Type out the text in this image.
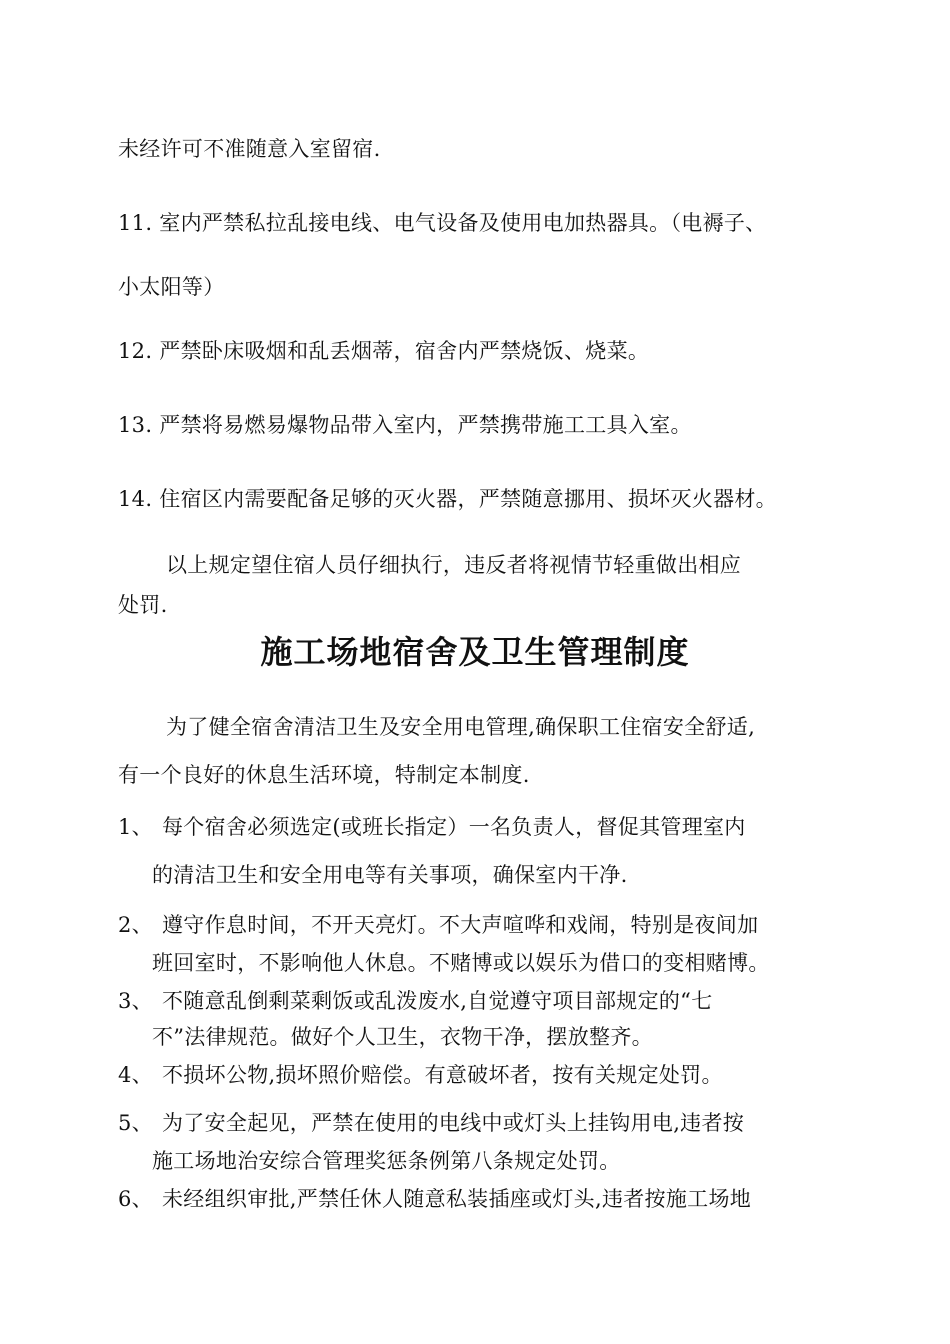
未经许可不准随意入室留宿.
11. 室内严禁私拉乱接电线、电气设备及使用电加热器具。（电褥子、
小太阳等）
12. 严禁卧床吸烟和乱丢烟蒂，宿舍内严禁烧饭、烧菜。
13. 严禁将易燃易爆物品带入室内，严禁携带施工工具入室。
14. 住宿区内需要配备足够的灭火器，严禁随意挪用、损坏灭火器材。
以上规定望住宿人员仔细执行，违反者将视情节轻重做出相应
处罚.
施工场地宿舍及卫生管理制度
为了健全宿舍清洁卫生及安全用电管理,确保职工住宿安全舒适,
有一个良好的休息生活环境，特制定本制度.
1、 每个宿舍必须选定(或班长指定）一名负责人，督促其管理室内
的清洁卫生和安全用电等有关事项，确保室内干净.
2、 遵守作息时间，不开天亮灯。不大声喧哗和戏闹，特别是夜间加
班回室时，不影响他人休息。不赌博或以娱乐为借口的变相赌博。
3、 不随意乱倒剩菜剩饭或乱泼废水,自觉遵守项目部规定的“七
不”法律规范。做好个人卫生，衣物干净，摆放整齐。
4、 不损坏公物,损坏照价赔偿。有意破坏者，按有关规定处罚。
5、 为了安全起见，严禁在使用的电线中或灯头上挂钩用电,违者按
施工场地治安综合管理奖惩条例第八条规定处罚。
6、 未经组织审批,严禁任休人随意私装插座或灯头,违者按施工场地
